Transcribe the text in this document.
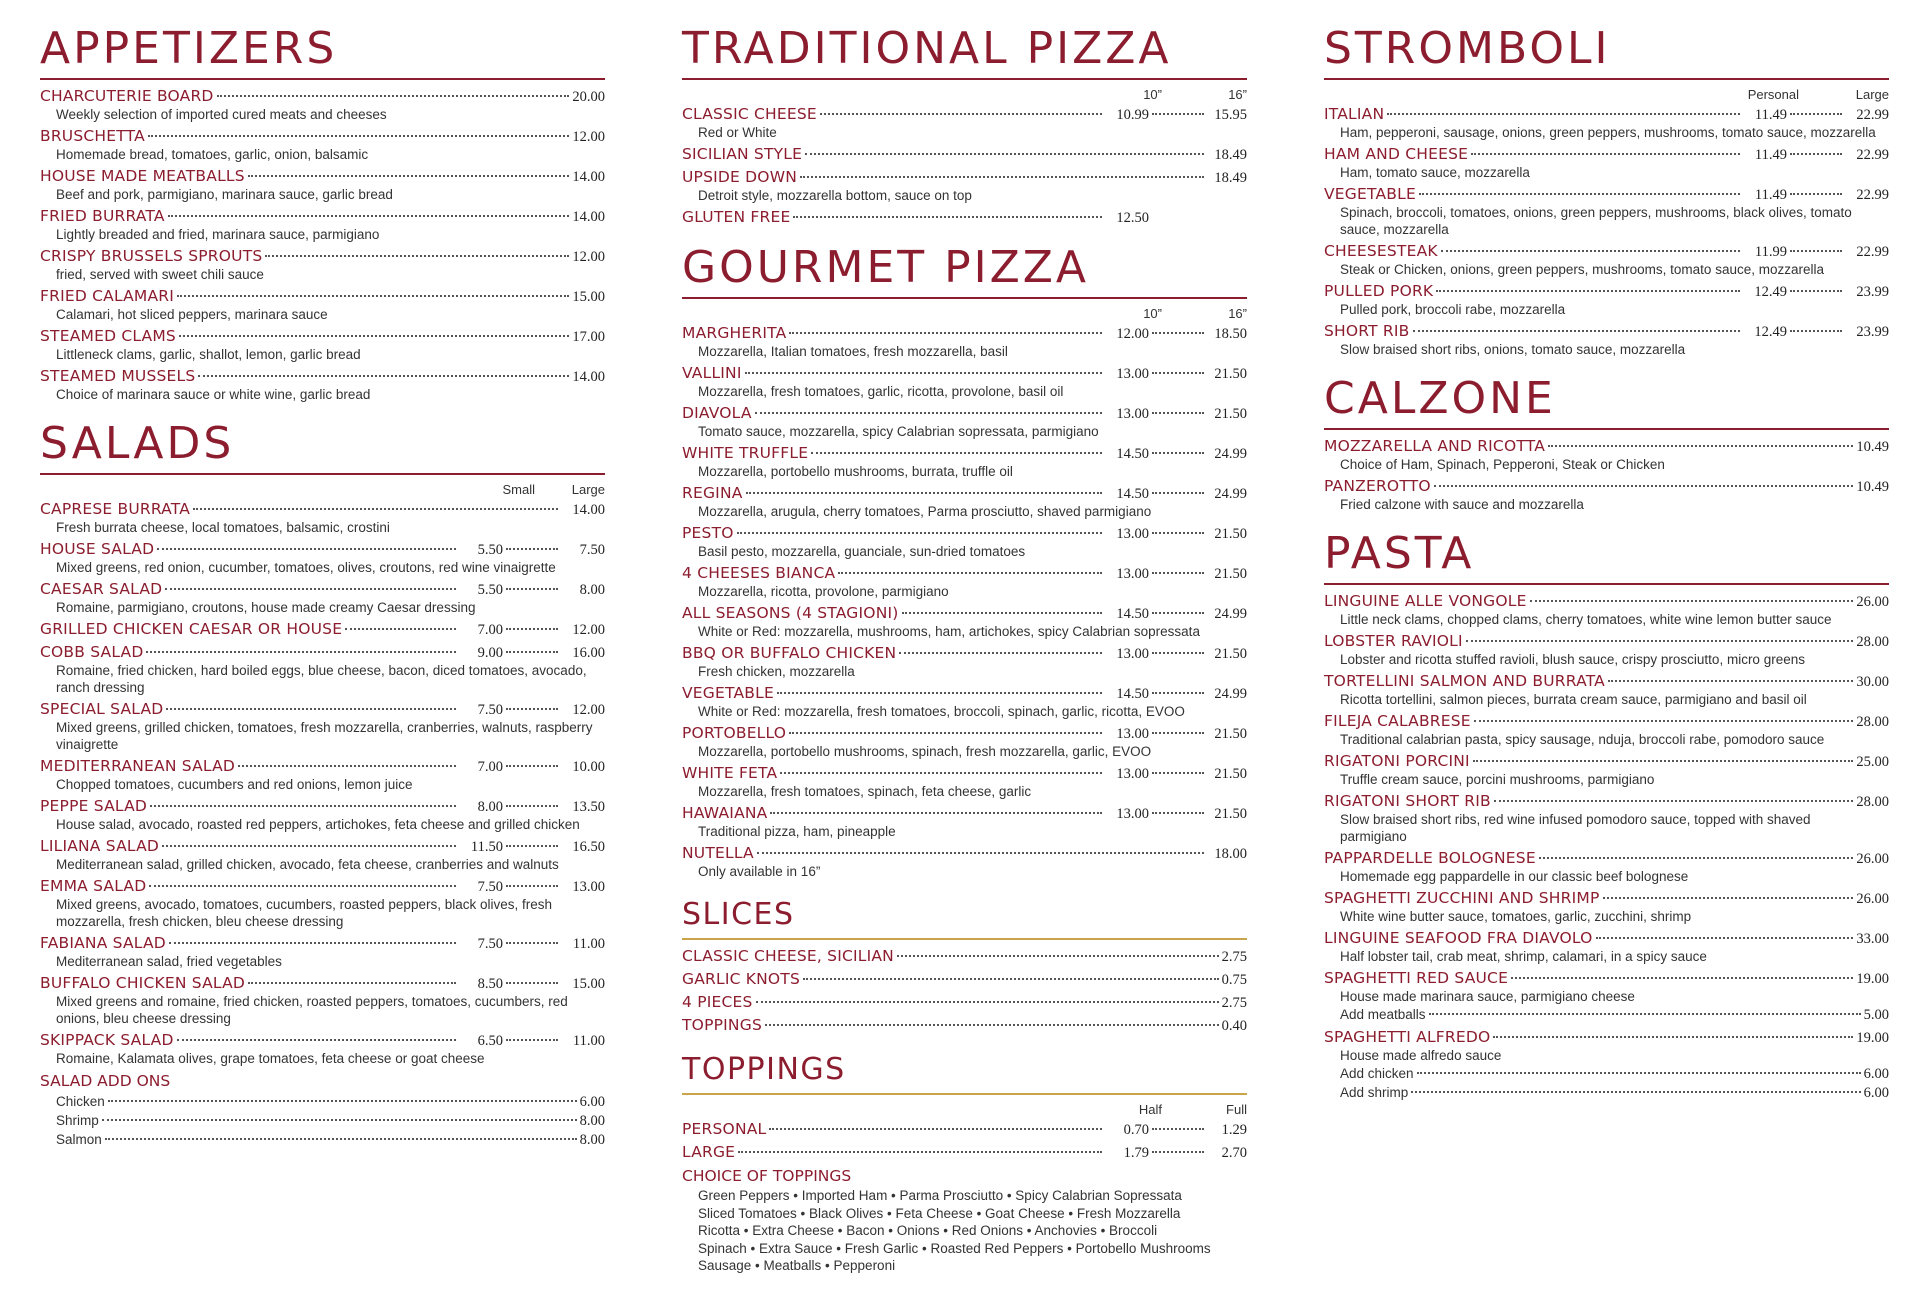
APPETIZERS
CHARCUTERIE BOARD	20.00
Weekly selection of imported cured meats and cheeses
BRUSCHETTA	12.00
Homemade bread, tomatoes, garlic, onion, balsamic
HOUSE MADE MEATBALLS	14.00
Beef and pork, parmigiano, marinara sauce, garlic bread
FRIED BURRATA	14.00
Lightly breaded and fried, marinara sauce, parmigiano
CRISPY BRUSSELS SPROUTS	12.00
fried, served with sweet chili sauce
FRIED CALAMARI	15.00
Calamari, hot sliced peppers, marinara sauce
STEAMED CLAMS	17.00
Littleneck clams, garlic, shallot, lemon, garlic bread
STEAMED MUSSELS	14.00
Choice of marinara sauce or white wine, garlic bread
SALADS
Small	Large
CAPRESE BURRATA	14.00
Fresh burrata cheese, local tomatoes, balsamic, crostini
HOUSE SALAD	5.50	7.50
Mixed greens, red onion, cucumber, tomatoes, olives, croutons, red wine vinaigrette
CAESAR SALAD	5.50	8.00
Romaine, parmigiano, croutons, house made creamy Caesar dressing
GRILLED CHICKEN CAESAR OR HOUSE	7.00	12.00
COBB SALAD	9.00	16.00
Romaine, fried chicken, hard boiled eggs, blue cheese, bacon, diced tomatoes, avocado, ranch dressing
SPECIAL SALAD	7.50	12.00
Mixed greens, grilled chicken, tomatoes, fresh mozzarella, cranberries, walnuts, raspberry vinaigrette
MEDITERRANEAN SALAD	7.00	10.00
Chopped tomatoes, cucumbers and red onions, lemon juice
PEPPE SALAD	8.00	13.50
House salad, avocado, roasted red peppers, artichokes, feta cheese and grilled chicken
LILIANA SALAD	11.50	16.50
Mediterranean salad, grilled chicken, avocado, feta cheese, cranberries and walnuts
EMMA SALAD	7.50	13.00
Mixed greens, avocado, tomatoes, cucumbers, roasted peppers, black olives, fresh mozzarella, fresh chicken, bleu cheese dressing
FABIANA SALAD	7.50	11.00
Mediterranean salad, fried vegetables
BUFFALO CHICKEN SALAD	8.50	15.00
Mixed greens and romaine, fried chicken, roasted peppers, tomatoes, cucumbers, red onions, bleu cheese dressing
SKIPPACK SALAD	6.50	11.00
Romaine, Kalamata olives, grape tomatoes, feta cheese or goat cheese
SALAD ADD ONS
Chicken	6.00
Shrimp	8.00
Salmon	8.00
TRADITIONAL PIZZA
10”	16”
CLASSIC CHEESE	10.99	15.95
Red or White
SICILIAN STYLE	18.49
UPSIDE DOWN	18.49
Detroit style, mozzarella bottom, sauce on top
GLUTEN FREE	12.50
GOURMET PIZZA
10”	16”
MARGHERITA	12.00	18.50
Mozzarella, Italian tomatoes, fresh mozzarella, basil
VALLINI	13.00	21.50
Mozzarella, fresh tomatoes, garlic, ricotta, provolone, basil oil
DIAVOLA	13.00	21.50
Tomato sauce, mozzarella, spicy Calabrian sopressata, parmigiano
WHITE TRUFFLE	14.50	24.99
Mozzarella, portobello mushrooms, burrata, truffle oil
REGINA	14.50	24.99
Mozzarella, arugula, cherry tomatoes, Parma prosciutto, shaved parmigiano
PESTO	13.00	21.50
Basil pesto, mozzarella, guanciale, sun-dried tomatoes
4 CHEESES BIANCA	13.00	21.50
Mozzarella, ricotta, provolone, parmigiano
ALL SEASONS (4 STAGIONI)	14.50	24.99
White or Red: mozzarella, mushrooms, ham, artichokes, spicy Calabrian sopressata
BBQ OR BUFFALO CHICKEN	13.00	21.50
Fresh chicken, mozzarella
VEGETABLE	14.50	24.99
White or Red: mozzarella, fresh tomatoes, broccoli, spinach, garlic, ricotta, EVOO
PORTOBELLO	13.00	21.50
Mozzarella, portobello mushrooms, spinach, fresh mozzarella, garlic, EVOO
WHITE FETA	13.00	21.50
Mozzarella, fresh tomatoes, spinach, feta cheese, garlic
HAWAIANA	13.00	21.50
Traditional pizza, ham, pineapple
NUTELLA	18.00
Only available in 16”
SLICES
CLASSIC CHEESE, SICILIAN	2.75
GARLIC KNOTS	0.75
4 PIECES	2.75
TOPPINGS	0.40
TOPPINGS
Half	Full
PERSONAL	0.70	1.29
LARGE	1.79	2.70
CHOICE OF TOPPINGS
Green Peppers • Imported Ham • Parma Prosciutto • Spicy Calabrian Sopressata
Sliced Tomatoes • Black Olives • Feta Cheese • Goat Cheese • Fresh Mozzarella
Ricotta • Extra Cheese • Bacon • Onions • Red Onions • Anchovies • Broccoli
Spinach • Extra Sauce • Fresh Garlic • Roasted Red Peppers • Portobello Mushrooms
Sausage • Meatballs • Pepperoni
STROMBOLI
Personal	Large
ITALIAN	11.49	22.99
Ham, pepperoni, sausage, onions, green peppers, mushrooms, tomato sauce, mozzarella
HAM AND CHEESE	11.49	22.99
Ham, tomato sauce, mozzarella
VEGETABLE	11.49	22.99
Spinach, broccoli, tomatoes, onions, green peppers, mushrooms, black olives, tomato sauce, mozzarella
CHEESESTEAK	11.99	22.99
Steak or Chicken, onions, green peppers, mushrooms, tomato sauce, mozzarella
PULLED PORK	12.49	23.99
Pulled pork, broccoli rabe, mozzarella
SHORT RIB	12.49	23.99
Slow braised short ribs, onions, tomato sauce, mozzarella
CALZONE
MOZZARELLA AND RICOTTA	10.49
Choice of Ham, Spinach, Pepperoni, Steak or Chicken
PANZEROTTO	10.49
Fried calzone with sauce and mozzarella
PASTA
LINGUINE ALLE VONGOLE	26.00
Little neck clams, chopped clams, cherry tomatoes, white wine lemon butter sauce
LOBSTER RAVIOLI	28.00
Lobster and ricotta stuffed ravioli, blush sauce, crispy prosciutto, micro greens
TORTELLINI SALMON AND BURRATA	30.00
Ricotta tortellini, salmon pieces, burrata cream sauce, parmigiano and basil oil
FILEJA CALABRESE	28.00
Traditional calabrian pasta, spicy sausage, nduja, broccoli rabe, pomodoro sauce
RIGATONI PORCINI	25.00
Truffle cream sauce, porcini mushrooms, parmigiano
RIGATONI SHORT RIB	28.00
Slow braised short ribs, red wine infused pomodoro sauce, topped with shaved parmigiano
PAPPARDELLE BOLOGNESE	26.00
Homemade egg pappardelle in our classic beef bolognese
SPAGHETTI ZUCCHINI AND SHRIMP	26.00
White wine butter sauce, tomatoes, garlic, zucchini, shrimp
LINGUINE SEAFOOD FRA DIAVOLO	33.00
Half lobster tail, crab meat, shrimp, calamari, in a spicy sauce
SPAGHETTI RED SAUCE	19.00
House made marinara sauce, parmigiano cheese
Add meatballs	5.00
SPAGHETTI ALFREDO	19.00
House made alfredo sauce
Add chicken	6.00
Add shrimp	6.00
